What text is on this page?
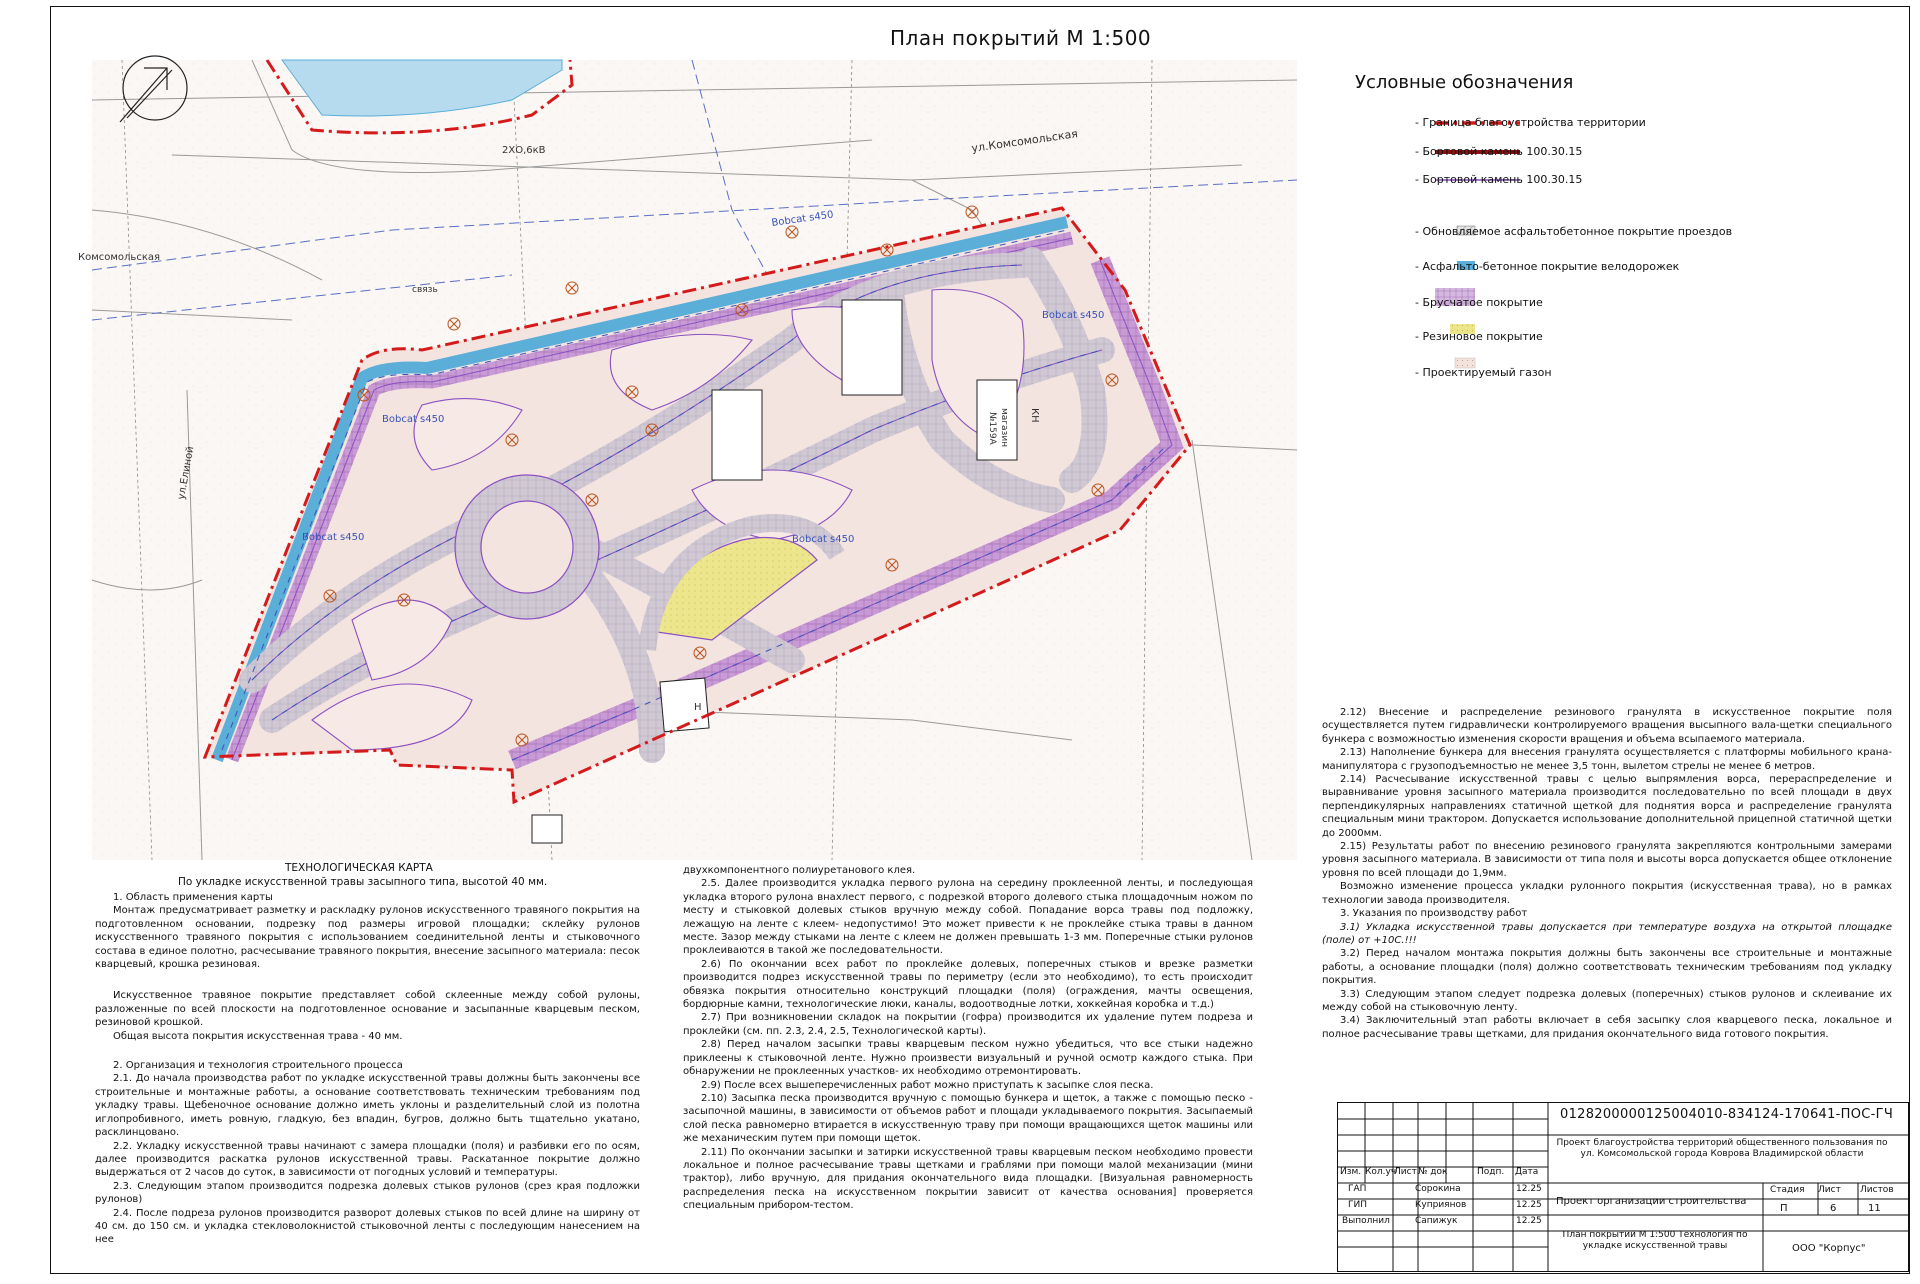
План покрытий М 1:500
ул.Комсомольская
Комсомольская
2ХО,6кВ
Bobcat s450
Bobcat s450
Bobcat s450
Bobcat s450	Bobcat s450
ул.Елиной
КН
магазин
№159А
связь
Н
Условные обозначения
- Граница благоустройства территории
- Бортовой камень 100.30.15
- Бортовой камень 100.30.15
- Обновляемое асфальтобетонное покрытие проездов
- Асфальто-бетонное покрытие велодорожек
- Брусчатое покрытие
- Резиновое покрытие
- Проектируемый газон
ТЕХНОЛОГИЧЕСКАЯ КАРТА
По укладке искусственной травы засыпного типа, высотой 40 мм.

1. Область применения карты

Монтаж предусматривает разметку и раскладку рулонов искусственного травяного покрытия на подготовленном основании, подрезку под размеры игровой площадки; склейку рулонов искусственного травяного покрытия с использованием соединительной ленты и стыковочного состава в единое полотно, расчесывание травяного покрытия, внесение засыпного материала: песок кварцевый, крошка резиновая.

Искусственное травяное покрытие представляет собой склеенные между собой рулоны, разложенные по всей плоскости на подготовленное основание и засыпанные кварцевым песком, резиновой крошкой.

Общая высота покрытия искусственная трава - 40 мм.

2. Организация и технология строительного процесса

2.1. До начала производства работ по укладке искусственной травы должны быть закончены все строительные и монтажные работы, а основание соответствовать техническим требованиям под укладку травы. Щебеночное основание должно иметь уклоны и разделительный слой из полотна иглопробивного, иметь ровную, гладкую, без впадин, бугров, должно быть тщательно укатано, расклинцовано.

2.2. Укладку искусственной травы начинают с замера площадки (поля) и разбивки его по осям, далее производится раскатка рулонов искусственной травы. Раскатанное покрытие должно выдержаться от 2 часов до суток, в зависимости от погодных условий и температуры.

2.3. Следующим этапом производится подрезка долевых стыков рулонов (срез края подложки рулонов)

2.4. После подреза рулонов производится разворот долевых стыков по всей длине на ширину от 40 см. до 150 см. и укладка стекловолокнистой стыковочной ленты с последующим нанесением на нее

двухкомпонентного полиуретанового клея.

2.5. Далее производится укладка первого рулона на середину проклеенной ленты, и последующая укладка второго рулона внахлест первого, с подрезкой второго долевого стыка площадочным ножом по месту и стыковкой долевых стыков вручную между собой. Попадание ворса травы под подложку, лежащую на ленте с клеем- недопустимо! Это может привести к не проклейке стыка травы в данном месте. Зазор между стыками на ленте с клеем не должен превышать 1-3 мм. Поперечные стыки рулонов проклеиваются в такой же последовательности.

2.6) По окончании всех работ по проклейке долевых, поперечных стыков и врезке разметки производится подрез искусственной травы по периметру (если это необходимо), то есть происходит обвязка покрытия относительно конструкций площадки (поля) (ограждения, мачты освещения, бордюрные камни, технологические люки, каналы, водоотводные лотки, хоккейная коробка и т.д.)

2.7) При возникновении складок на покрытии (гофра) производится их удаление путем подреза и проклейки (см. пп. 2.3, 2.4, 2.5, Технологической карты).

2.8) Перед началом засыпки травы кварцевым песком нужно убедиться, что все стыки надежно приклеены к стыковочной ленте. Нужно произвести визуальный и ручной осмотр каждого стыка. При обнаружении не проклеенных участков- их необходимо отремонтировать.

2.9) После всех вышеперечисленных работ можно приступать к засыпке слоя песка.

2.10) Засыпка песка производится вручную с помощью бункера и щеток, а также с помощью песко - засыпочной машины, в зависимости от объемов работ и площади укладываемого покрытия. Засыпаемый слой песка равномерно втирается в искусственную траву при помощи вращающихся щеток машины или же механическим путем при помощи щеток.

2.11) По окончании засыпки и затирки искусственной травы кварцевым песком необходимо провести локальное и полное расчесывание травы щетками и граблями при помощи малой механизации (мини трактор), либо вручную, для придания окончательного вида площадки. [Визуальная равномерность распределения песка на искусственном покрытии зависит от качества основания] проверяется специальным прибором-тестом.

2.12) Внесение и распределение резинового гранулята в искусственное покрытие поля осуществляется путем гидравлически контролируемого вращения высыпного вала-щетки специального бункера с возможностью изменения скорости вращения и объема всыпаемого материала.

2.13) Наполнение бункера для внесения гранулята осуществляется с платформы мобильного крана-манипулятора с грузоподъемностью не менее 3,5 тонн, вылетом стрелы не менее 6 метров.

2.14) Расчесывание искусственной травы с целью выпрямления ворса, перераспределение и выравнивание уровня засыпного материала производится последовательно по всей площади в двух перпендикулярных направлениях статичной щеткой для поднятия ворса и распределение гранулята специальным мини трактором. Допускается использование дополнительной прицепной статичной щетки до 2000мм.

2.15) Результаты работ по внесению резинового гранулята закрепляются контрольными замерами уровня засыпного материала. В зависимости от типа поля и высоты ворса допускается общее отклонение уровня по всей площади до 1,9мм.

Возможно изменение процесса укладки рулонного покрытия (искусственная трава), но в рамках технологии завода производителя.

3. Указания по производству работ

3.1) Укладка искусственной травы допускается при температуре воздуха на открытой площадке (поле) от +10С.!!!

3.2) Перед началом монтажа покрытия должны быть закончены все строительные и монтажные работы, а основание площадки (поля) должно соответствовать техническим требованиям под укладку покрытия.

3.3) Следующим этапом следует подрезка долевых (поперечных) стыков рулонов и склеивание их между собой на стыковочную ленту.

3.4) Заключительный этап работы включает в себя засыпку слоя кварцевого песка, локальное и полное расчесывание травы щетками, для придания окончательного вида готового покрытия.

0128200000125004010-834124-170641-ПОС-ГЧ
Проект благоустройства территорий общественного пользования по ул. Комсомольской города Коврова Владимирской области
Проект организации строительства
План покрытий М 1:500 Технология по укладке искусственной травы	ООО "Корпус"
Изм. Кол.уч
Лист № док	Подп. Дата
ГАП	Сорокина	12.25
ГИП	Куприянов	12.25
Выполнил	Сапижук	12.25
Стадия Лист Листов
П	6	11
